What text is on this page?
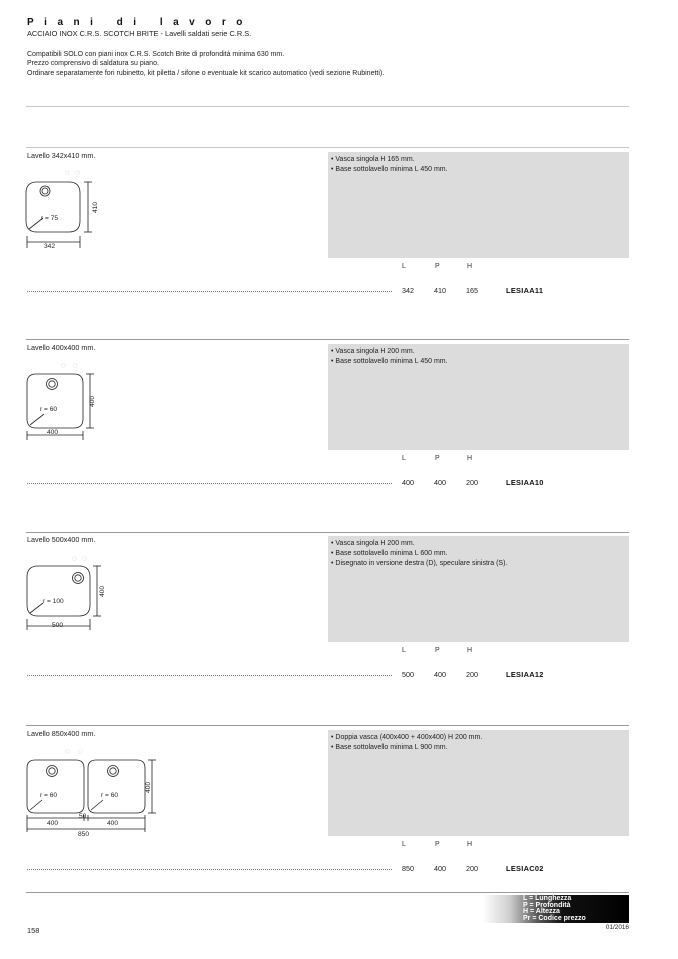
Piani di lavoro
ACCIAIO INOX C.R.S. SCOTCH BRITE - Lavelli saldati serie C.R.S.
Compatibili SOLO con piani inox C.R.S. Scotch Brite di profondità minima 630 mm.
Prezzo comprensivo di saldatura su piano.
Ordinare separatamente fori rubinetto, kit piletta / sifone o eventuale kit scarico automatico (vedi sezione Rubinetti).
Lavello 342x410 mm.
◌ ◌
r = 75
342
410
• Vasca singola H 165 mm.
• Base sottolavello minima L 450 mm.
L	P	H
342	410	165	LESIAA11
Lavello 400x400 mm.
◌ ◌
r = 60
400
400
• Vasca singola H 200 mm.
• Base sottolavello minima L 450 mm.
L	P	H
400	400	200	LESIAA10
Lavello 500x400 mm.
◌ ◌
r = 100
500
400
• Vasca singola H 200 mm.
• Base sottolavello minima L 600 mm.
• Disegnato in versione destra (D), speculare sinistra (S).
L	P	H
500	400	200	LESIAA12
Lavello 850x400 mm.
◌ ◌
r = 60	r = 60
400
50
400
850
400
• Doppia vasca (400x400 + 400x400) H 200 mm.
• Base sottolavello minima L 900 mm.
L	P	H
850	400	200	LESIAC02
L = Lunghezza
P = Profondità
H = Altezza
Pr = Codice prezzo
158	01/2016
